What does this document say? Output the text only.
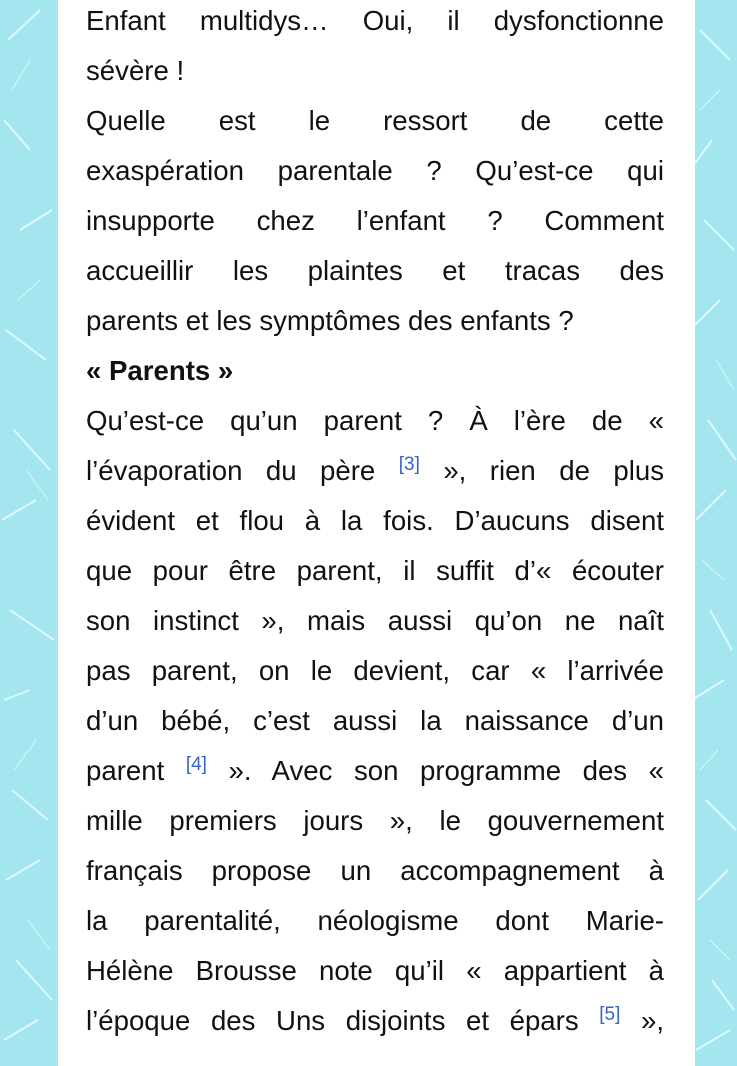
Enfant multidys… Oui, il dysfonctionne
sévère !
Quelle est le ressort de cette
exaspération parentale ? Qu’est-ce qui
insupporte chez l’enfant ? Comment
accueillir les plaintes et tracas des
parents et les symptômes des enfants ?
« Parents »
Qu’est-ce qu’un parent ? À l’ère de «
l’évaporation du père [3] », rien de plus
évident et flou à la fois. D’aucuns disent
que pour être parent, il suffit d’« écouter
son instinct », mais aussi qu’on ne naît
pas parent, on le devient, car « l’arrivée
d’un bébé, c’est aussi la naissance d’un
parent [4] ». Avec son programme des «
mille premiers jours », le gouvernement
français propose un accompagnement à
la parentalité, néologisme dont Marie-
Hélène Brousse note qu’il « appartient à
l’époque des Uns disjoints et épars [5] »,
